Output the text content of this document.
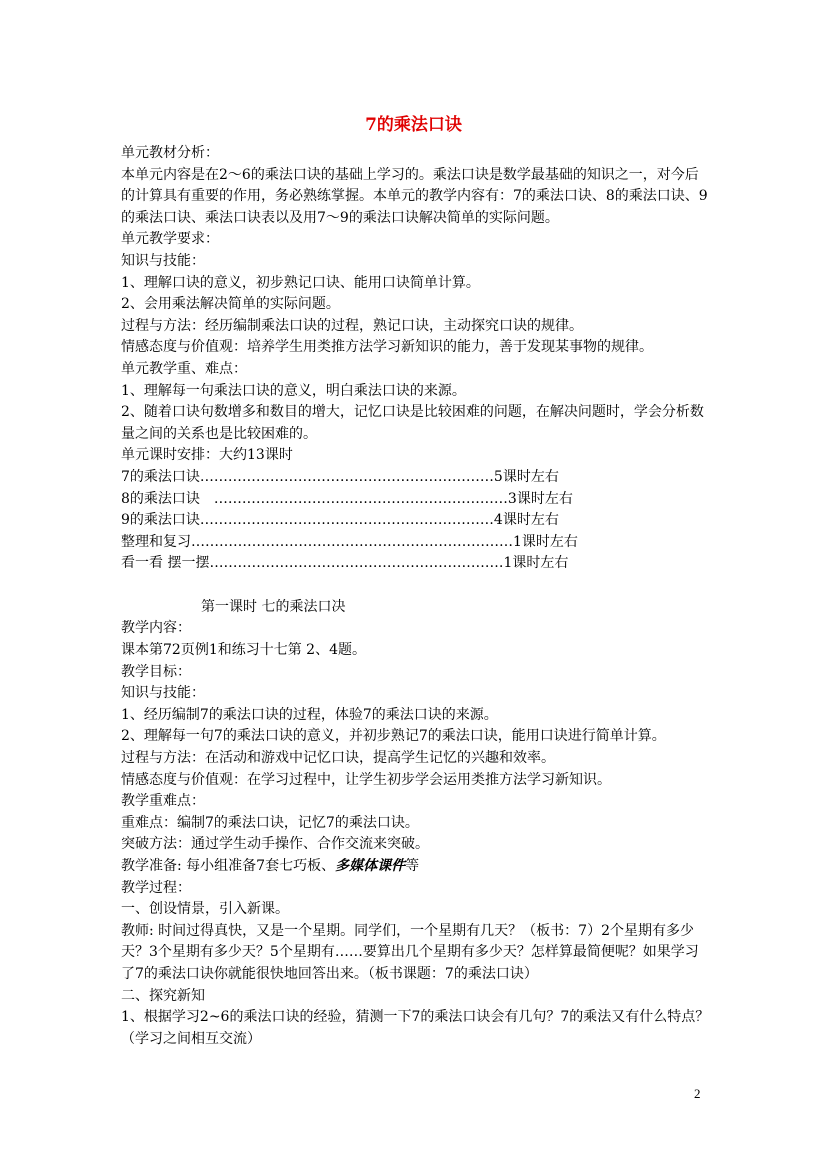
7的乘法口诀

单元教材分析：

本单元内容是在2～6的乘法口诀的基础上学习的。乘法口诀是数学最基础的知识之一，对今后的计算具有重要的作用，务必熟练掌握。本单元的教学内容有：7的乘法口诀、8的乘法口诀、9的乘法口诀、乘法口诀表以及用7～9的乘法口诀解决简单的实际问题。

单元教学要求：

知识与技能：

1、理解口诀的意义，初步熟记口诀、能用口诀简单计算。

2、会用乘法解决简单的实际问题。

过程与方法：经历编制乘法口诀的过程，熟记口诀，主动探究口诀的规律。

情感态度与价值观：培养学生用类推方法学习新知识的能力，善于发现某事物的规律。

单元教学重、难点：

1、理解每一句乘法口诀的意义，明白乘法口诀的来源。

2、随着口诀句数增多和数目的增大，记忆口诀是比较困难的问题，在解决问题时，学会分析数量之间的关系也是比较困难的。

单元课时安排：大约13课时

7的乘法口诀………………………………………………………5课时左右

8的乘法口诀　………………………………………………………3课时左右

9的乘法口诀………………………………………………………4课时左右

整理和复习……………………………………………………………1课时左右

看一看 摆一摆………………………………………………………1课时左右

第一课时 七的乘法口决

教学内容：

课本第72页例1和练习十七第 2、4题。

教学目标：

知识与技能：

1、经历编制7的乘法口诀的过程，体验7的乘法口诀的来源。

2、理解每一句7的乘法口诀的意义，并初步熟记7的乘法口诀，能用口诀进行简单计算。

过程与方法：在活动和游戏中记忆口诀，提高学生记忆的兴趣和效率。

情感态度与价值观：在学习过程中，让学生初步学会运用类推方法学习新知识。

教学重难点：

重难点：编制7的乘法口诀，记忆7的乘法口诀。

突破方法：通过学生动手操作、合作交流来突破。

教学准备: 每小组准备7套七巧板、多媒体课件等

教学过程：

一、创设情景，引入新课。

教师: 时间过得真快，又是一个星期。同学们，一个星期有几天？（板书：7）2个星期有多少天？3个星期有多少天？5个星期有……要算出几个星期有多少天？怎样算最简便呢？如果学习了7的乘法口诀你就能很快地回答出来。（板书课题：7的乘法口诀）

二、探究新知

1、根据学习2~6的乘法口诀的经验，猜测一下7的乘法口诀会有几句？7的乘法又有什么特点？（学习之间相互交流）

2
